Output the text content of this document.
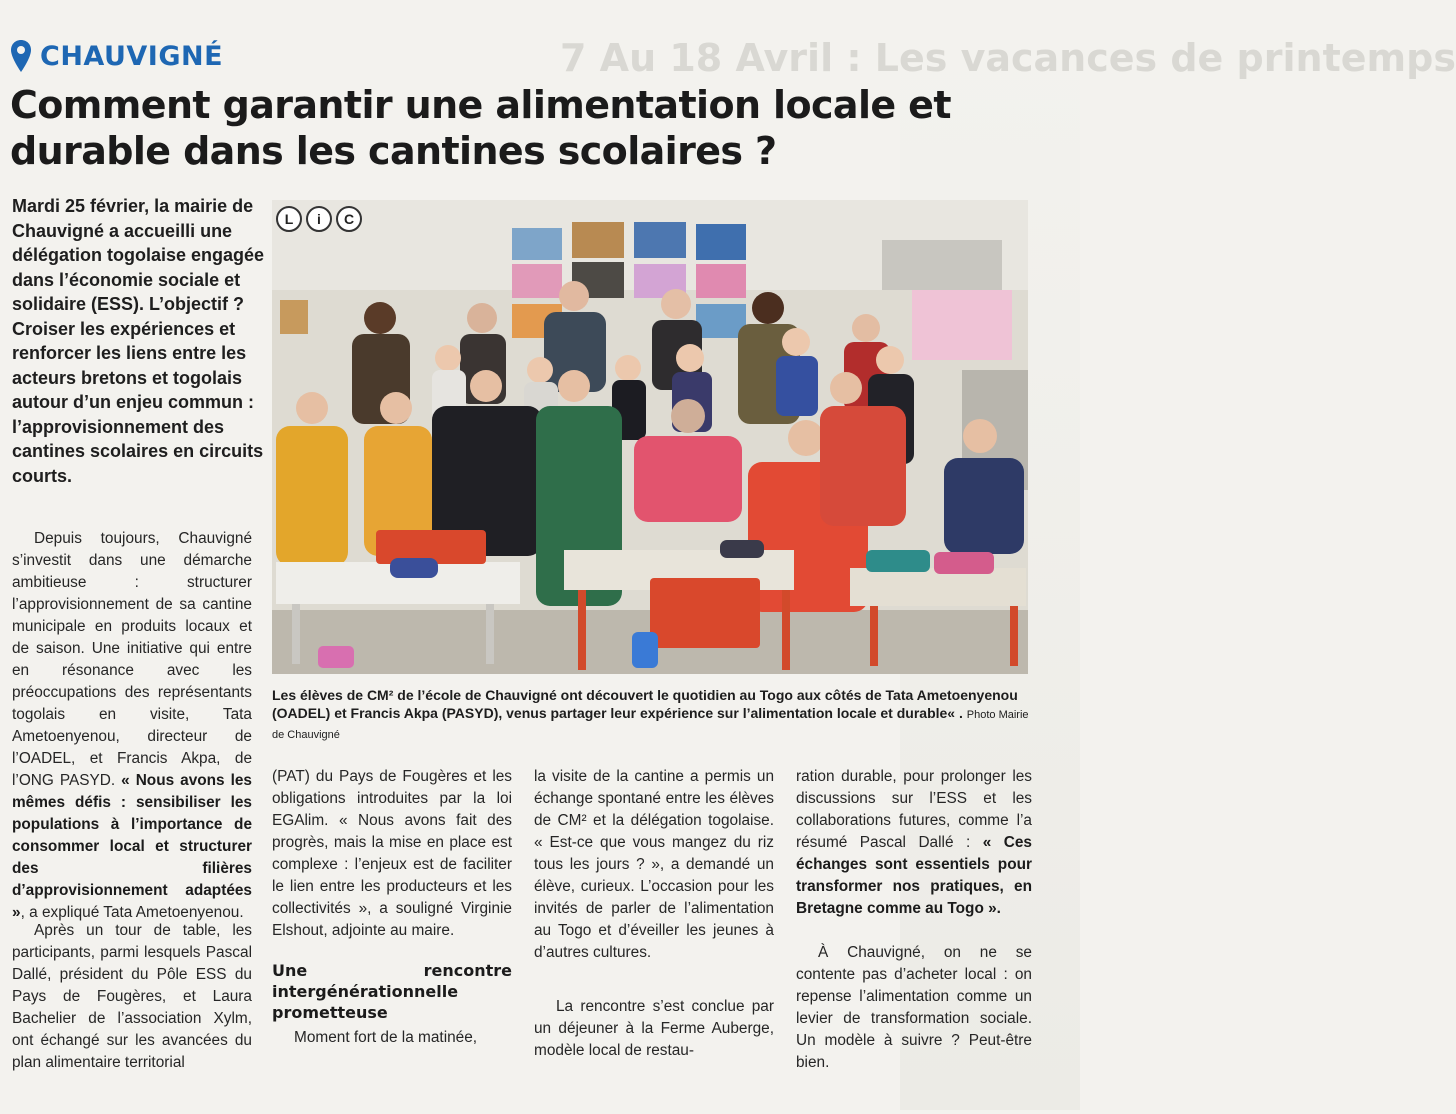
7 Au 18 Avril : Les vacances de printemps
CHAUVIGNÉ
Comment garantir une alimentation locale et durable dans les cantines scolaires ?

Mardi 25 février, la mairie de Chauvigné a accueilli une délégation togolaise engagée dans l’économie sociale et solidaire (ESS). L’objectif ? Croiser les expériences et renforcer les liens entre les acteurs bretons et togolais autour d’un enjeu commun : l’approvisionnement des cantines scolaires en circuits courts.

L	i	C

Les élèves de CM² de l’école de Chauvigné ont découvert le quotidien au Togo aux côtés de Tata Ametoenyenou (OADEL) et Francis Akpa (PASYD), venus partager leur expérience sur l’alimentation locale et durable« . Photo Mairie de Chauvigné

Depuis toujours, Chauvigné s’investit dans une démarche ambitieuse : structurer l’approvisionnement de sa cantine municipale en produits locaux et de saison. Une initiative qui entre en résonance avec les préoccupations des représentants togolais en visite, Tata Ametoenyenou, directeur de l’OADEL, et Francis Akpa, de l’ONG PASYD. « Nous avons les mêmes défis : sensibiliser les populations à l’importance de consommer local et structurer des filières d’approvisionnement adaptées », a expliqué Tata Ametoenyenou.

Après un tour de table, les participants, parmi lesquels Pascal Dallé, président du Pôle ESS du Pays de Fougères, et Laura Bachelier de l’association Xylm, ont échangé sur les avancées du plan alimentaire territorial

(PAT) du Pays de Fougères et les obligations introduites par la loi EGAlim. « Nous avons fait des progrès, mais la mise en place est complexe : l’enjeux est de faciliter le lien entre les producteurs et les collectivités », a souligné Virginie Elshout, adjointe au maire.

Une rencontre intergénérationnelle prometteuse

Moment fort de la matinée,

la visite de la cantine a permis un échange spontané entre les élèves de CM² et la délégation togolaise. « Est-ce que vous mangez du riz tous les jours ? », a demandé un élève, curieux. L’occasion pour les invités de parler de l’alimentation au Togo et d’éveiller les jeunes à d’autres cultures.

La rencontre s’est conclue par un déjeuner à la Ferme Auberge, modèle local de restau-

ration durable, pour prolonger les discussions sur l’ESS et les collaborations futures, comme l’a résumé Pascal Dallé : « Ces échanges sont essentiels pour transformer nos pratiques, en Bretagne comme au Togo ».

À Chauvigné, on ne se contente pas d’acheter local : on repense l’alimentation comme un levier de transformation sociale. Un modèle à suivre ? Peut-être bien.
